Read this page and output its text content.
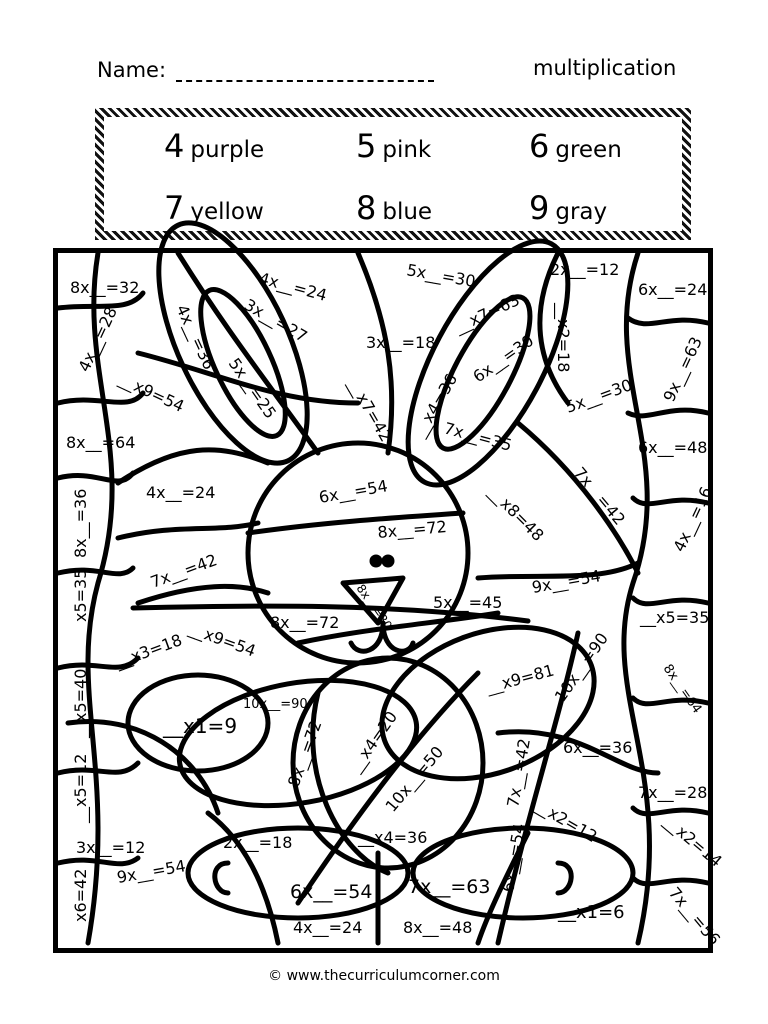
Name:	multiplication
4 purple	5 pink	6 green
7 yellow	8 blue	9 gray
8x__=32	4x__=24	5x__=30	2x__=12
6x__=24
4x__=28	4x__=36 3x__=27	3x__=18
__x7=63 __x2=18
__x9=54 5x__=25	__x7=42 __x4=36
6x__=30
5x__=30 9x__=63
8x__=64	7x__=35	6x__=48
8x__=36	4x__=24	6x__=54	__x8=48 7x__=42	4x__=16
8x__=72
7x__=42
__x5=35	8x__=72
5x__=45
9x__=54
__x5=35
8x__=30
__x9=54
__x3=18
__x9=81
10x__=90	8x__=64
__x5=40	__x1=9
10x__=90
8x__=72 __x4=20
10x__=50	7x__=42 6x__=36
__x5=12	7x__=28
__x2=12
3x__=12	2x__=18	__x4=36
6x__=54
__x2=14
9x__=54	6x__=54
7x__=63
__x1=6
__x6=42	4x__=24	8x__=48	7x__=56
© www.thecurriculumcorner.com
